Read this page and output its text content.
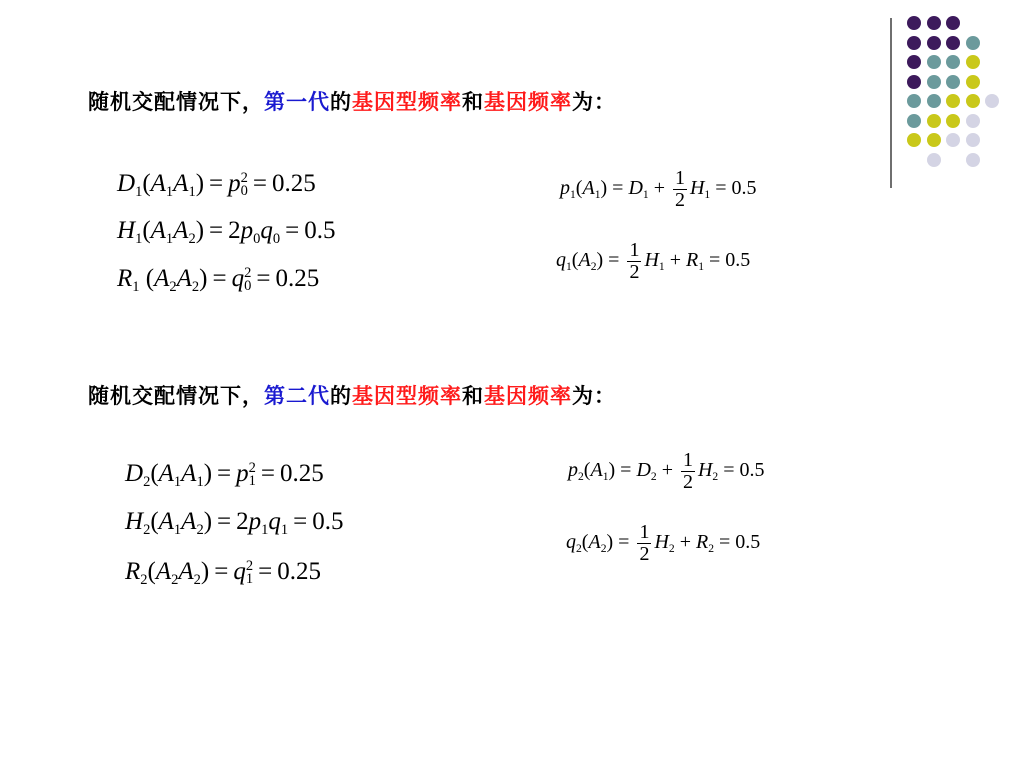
随机交配情况下，第一代的基因型频率和基因频率为：
$D_1(A_1A_1) = p$ 2
0 = 0.25
$H_1(A_1A_2) = 2p_0q_0 = 0.5$
$R_1$ $(A_2A_2) = q$ 2
0 = 0.25
$p_1(A_1) = D_1 + \frac{1}{2} H_1 = 0.5$
$q_1(A_2) = \frac{1}{2} H_1 + R_1 = 0.5$
随机交配情况下，第二代的基因型频率和基因频率为：
$D_2(A_1A_1) = p$ 2
1 = 0.25
$H_2(A_1A_2) = 2p_1q_1 = 0.5$
$R_2(A_2A_2) = q$ 2
1 = 0.25
$p_2(A_1) = D_2 + \frac{1}{2} H_2 = 0.5$
$q_2(A_2) = \frac{1}{2} H_2 + R_2 = 0.5$
